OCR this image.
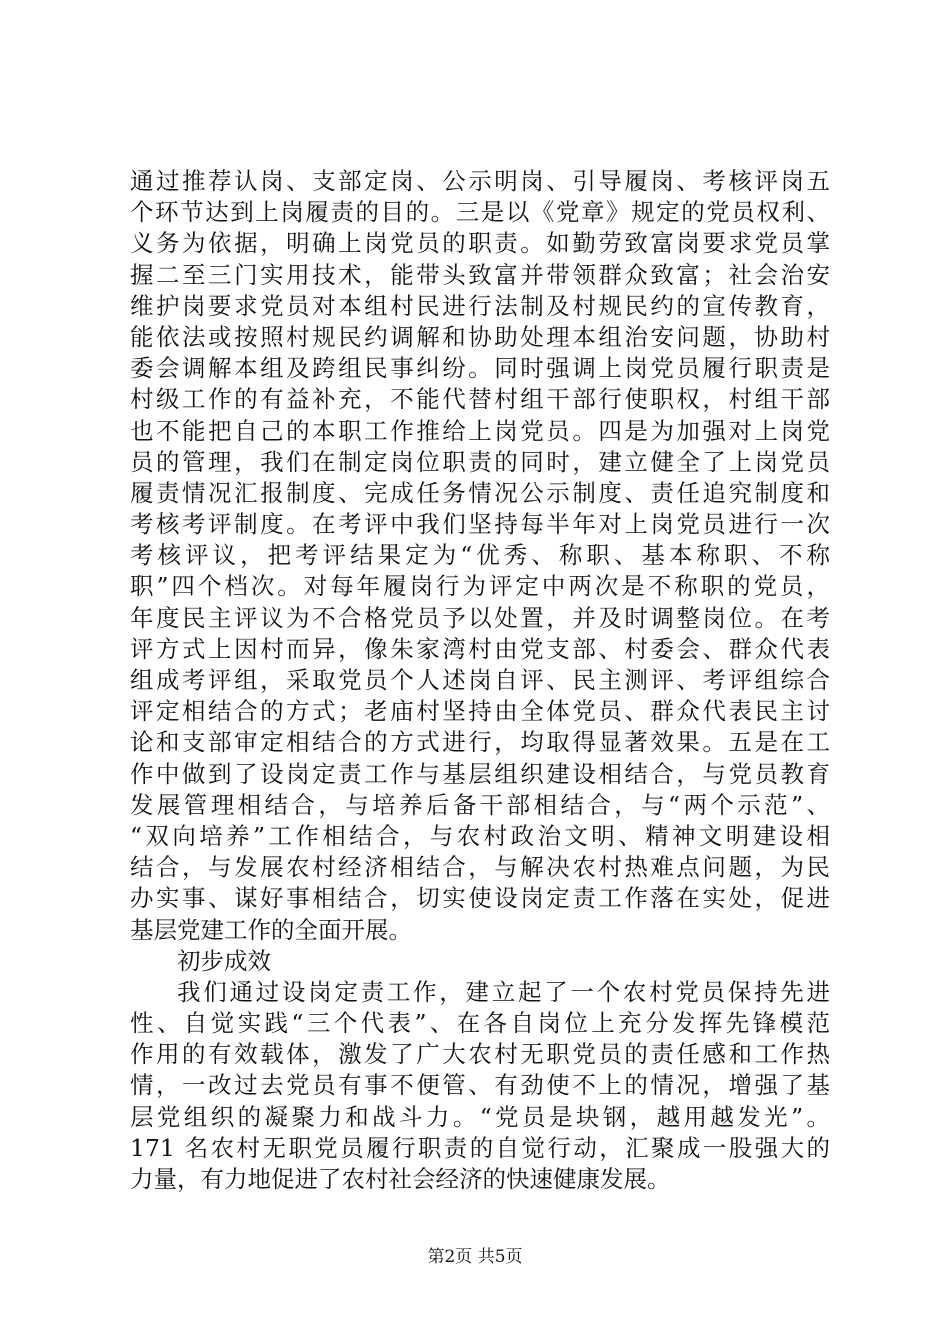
通过推荐认岗、支部定岗、公示明岗、引导履岗、考核评岗五
个环节达到上岗履责的目的。三是以《党章》规定的党员权利、
义务为依据，明确上岗党员的职责。如勤劳致富岗要求党员掌
握二至三门实用技术，能带头致富并带领群众致富；社会治安
维护岗要求党员对本组村民进行法制及村规民约的宣传教育，
能依法或按照村规民约调解和协助处理本组治安问题，协助村
委会调解本组及跨组民事纠纷。同时强调上岗党员履行职责是
村级工作的有益补充，不能代替村组干部行使职权，村组干部
也不能把自己的本职工作推给上岗党员。四是为加强对上岗党
员的管理，我们在制定岗位职责的同时，建立健全了上岗党员
履责情况汇报制度、完成任务情况公示制度、责任追究制度和
考核考评制度。在考评中我们坚持每半年对上岗党员进行一次
考核评议，把考评结果定为“优秀、称职、基本称职、不称
职”四个档次。对每年履岗行为评定中两次是不称职的党员，
年度民主评议为不合格党员予以处置，并及时调整岗位。在考
评方式上因村而异，像朱家湾村由党支部、村委会、群众代表
组成考评组，采取党员个人述岗自评、民主测评、考评组综合
评定相结合的方式；老庙村坚持由全体党员、群众代表民主讨
论和支部审定相结合的方式进行，均取得显著效果。五是在工
作中做到了设岗定责工作与基层组织建设相结合，与党员教育
发展管理相结合，与培养后备干部相结合，与“两个示范”、
“双向培养”工作相结合，与农村政治文明、精神文明建设相
结合，与发展农村经济相结合，与解决农村热难点问题，为民
办实事、谋好事相结合，切实使设岗定责工作落在实处，促进
基层党建工作的全面开展。
初步成效
我们通过设岗定责工作，建立起了一个农村党员保持先进
性、自觉实践“三个代表”、在各自岗位上充分发挥先锋模范
作用的有效载体，激发了广大农村无职党员的责任感和工作热
情，一改过去党员有事不便管、有劲使不上的情况，增强了基
层党组织的凝聚力和战斗力。“党员是块钢，越用越发光”。
171 名农村无职党员履行职责的自觉行动，汇聚成一股强大的
力量，有力地促进了农村社会经济的快速健康发展。
第2页 共5页
